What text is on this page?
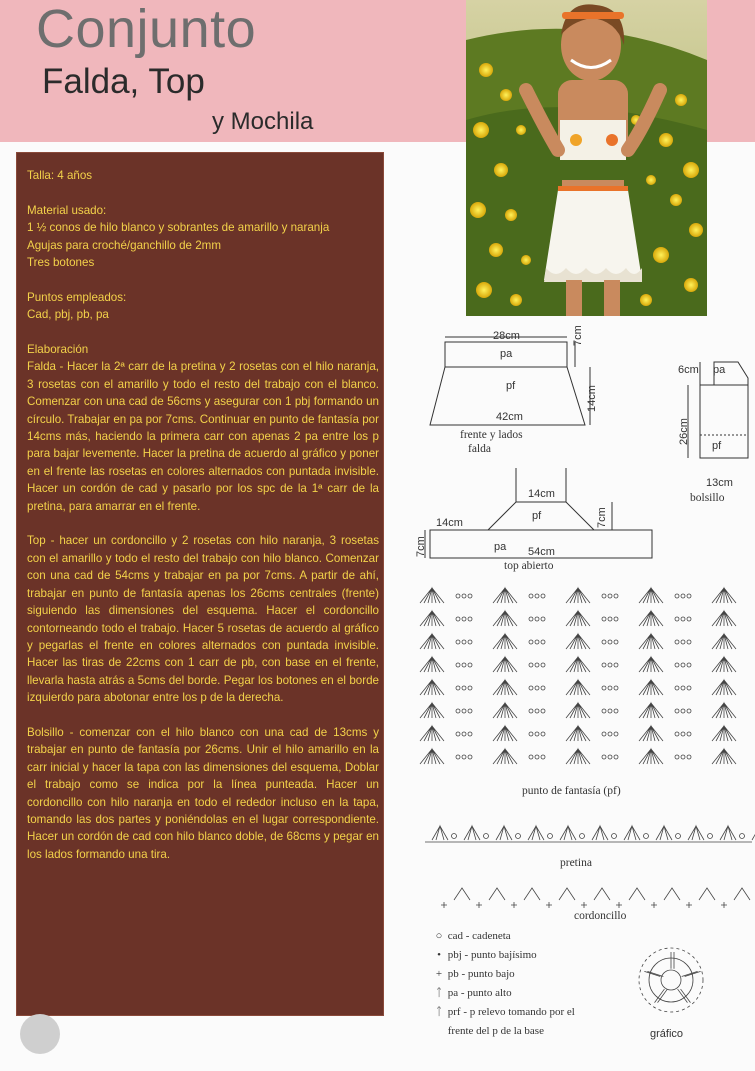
Conjunto
Falda, Top
y Mochila
Talla: 4 años
Material usado:
1 ½ conos de hilo blanco y sobrantes de amarillo y naranja
Agujas para croché/ganchillo de 2mm
Tres botones
Puntos empleados:
Cad, pbj, pb, pa
Elaboración
Falda - Hacer la 2ª carr de la pretina y 2 rosetas con el hilo naranja, 3 rosetas con el amarillo y todo el resto del trabajo con el blanco. Comenzar con una cad de 56cms y asegurar con 1 pbj formando un círculo. Trabajar en pa por 7cms. Continuar en punto de fantasía por 14cms más, haciendo la primera carr con apenas 2 pa entre los p para bajar levemente. Hacer la pretina de acuerdo al gráfico y poner en el frente las rosetas en colores alternados con puntada invisible. Hacer un cordón de cad y pasarlo por los spc de la 1ª carr de la pretina, para amarrar en el frente.
Top - hacer un cordoncillo y 2 rosetas con hilo naranja, 3 rosetas con el amarillo y todo el resto del trabajo con hilo blanco. Comenzar con una cad de 54cms y trabajar en pa por 7cms. A partir de ahí, trabajar en punto de fantasía apenas los 26cms centrales (frente) siguiendo las dimensiones del esquema. Hacer el cordoncillo contorneando todo el trabajo. Hacer 5 rosetas de acuerdo al gráfico y pegarlas el frente en colores alternados con puntada invisible. Hacer las tiras de 22cms con 1 carr de pb, con base en el frente, llevarla hasta atrás a 5cms del borde. Pegar los botones en el borde izquierdo para abotonar entre los p de la derecha.
Bolsillo - comenzar con el hilo blanco con una cad de 13cms y trabajar en punto de fantasía por 26cms. Unir el hilo amarillo en la carr inicial y hacer la tapa con las dimensiones del esquema, Doblar el trabajo como se indica por la línea punteada. Hacer un cordoncillo con hilo naranja en todo el rededor incluso en la tapa, tomando las dos partes y poniéndolas en el lugar correspondiente. Hacer un cordón de cad con hilo blanco doble, de 68cms y pegar en los lados formando una tira.
28cm
pa
7cm
pf	14cm
42cm
frente y lados
falda
6cm pa
26cm
pf
13cm
bolsillo
14cm
14cm
pf	7cm
7cm	pa 54cm
top abierto
punto de fantasía (pf)
pretina
cordoncillo
gráfico
○ cad - cadeneta
• pbj - punto bajísimo
+ pb - punto bajo
ᛏ pa - punto alto
ᛏ prf - p relevo tomando por el
frente del p de la base
